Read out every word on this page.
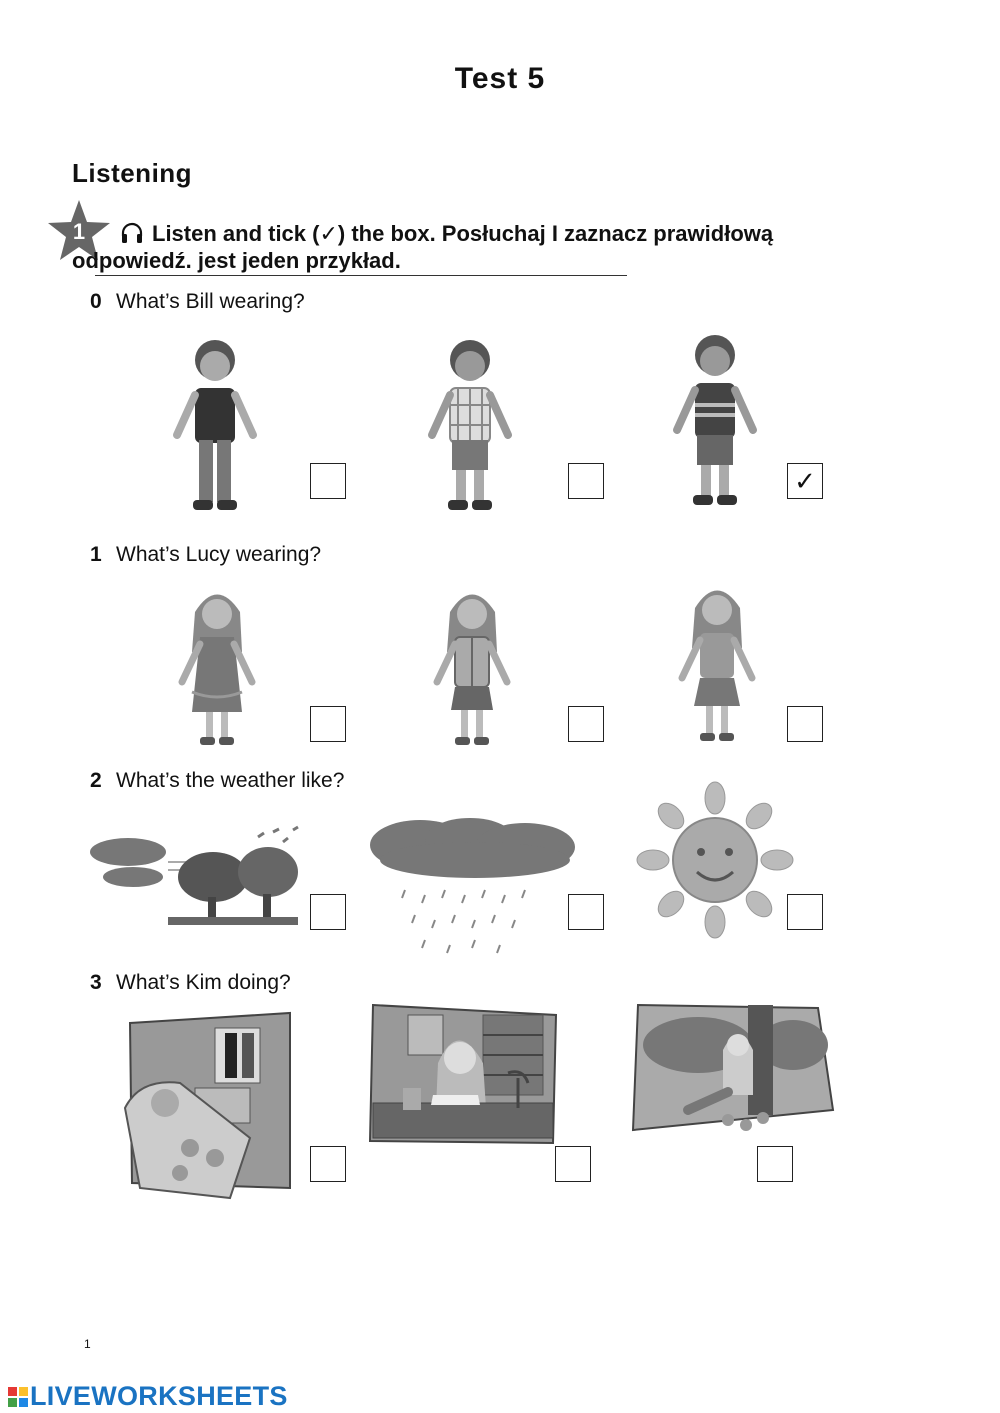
Test 5
Listening
1	Listen and tick (✓) the box. Posłuchaj I zaznacz prawidłową
odpowiedź. jest jeden przykład.
0 What’s Bill wearing?
✓
1 What’s Lucy wearing?
2 What’s the weather like?
3 What’s Kim doing?
1
LIVEWORKSHEETS
